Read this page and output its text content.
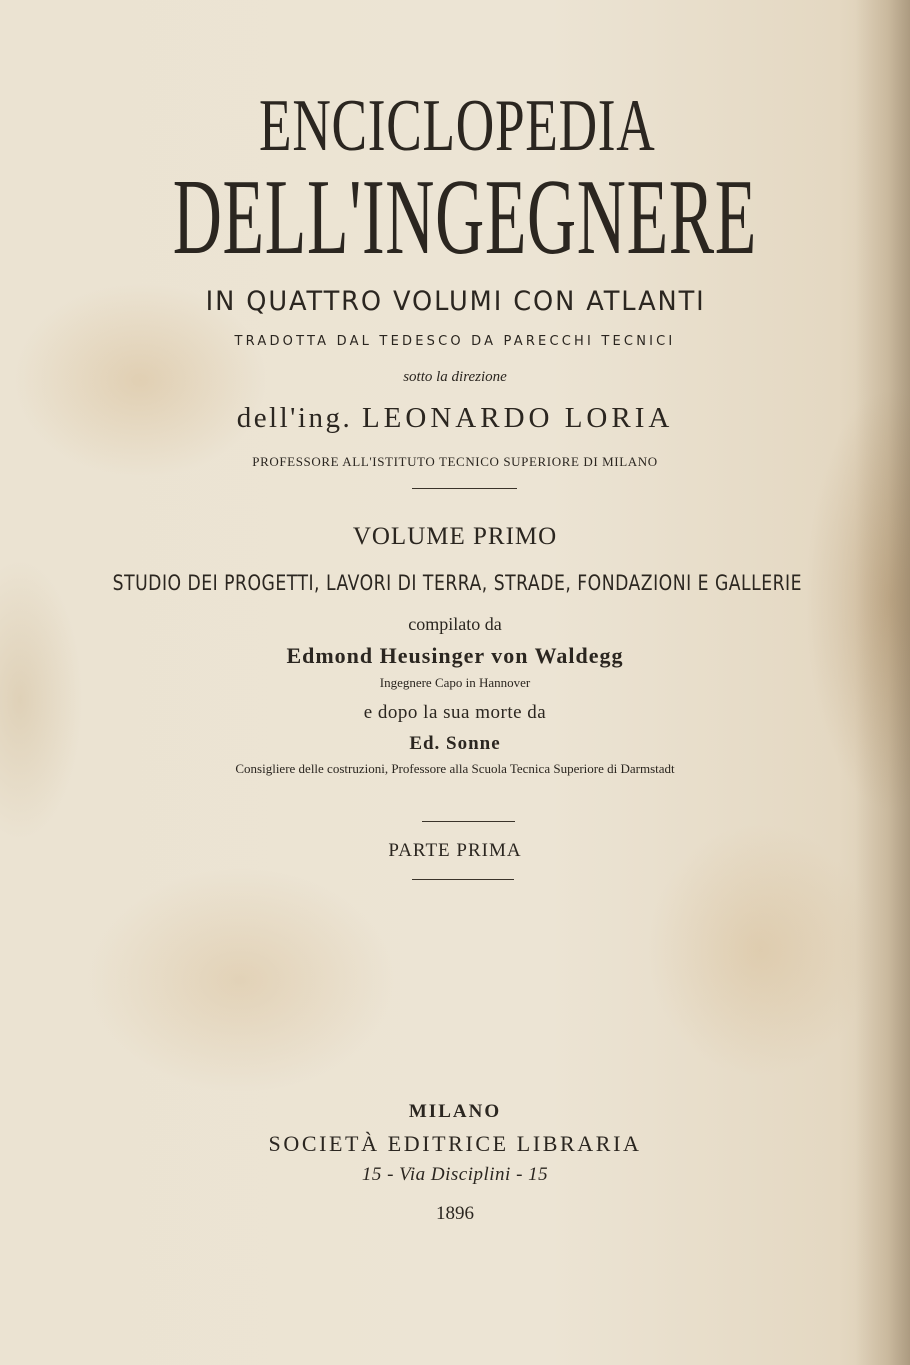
ENCICLOPEDIA
DELL'INGEGNERE
IN QUATTRO VOLUMI CON ATLANTI
TRADOTTA DAL TEDESCO DA PARECCHI TECNICI
sotto la direzione
dell'ing. LEONARDO LORIA
PROFESSORE ALL'ISTITUTO TECNICO SUPERIORE DI MILANO
VOLUME PRIMO
STUDIO DEI PROGETTI, LAVORI DI TERRA, STRADE, FONDAZIONI E GALLERIE
compilato da
Edmond Heusinger von Waldegg
Ingegnere Capo in Hannover
e dopo la sua morte da
Ed. Sonne
Consigliere delle costruzioni, Professore alla Scuola Tecnica Superiore di Darmstadt
PARTE PRIMA
MILANO
SOCIETÀ EDITRICE LIBRARIA
15 - Via Disciplini - 15
1896
